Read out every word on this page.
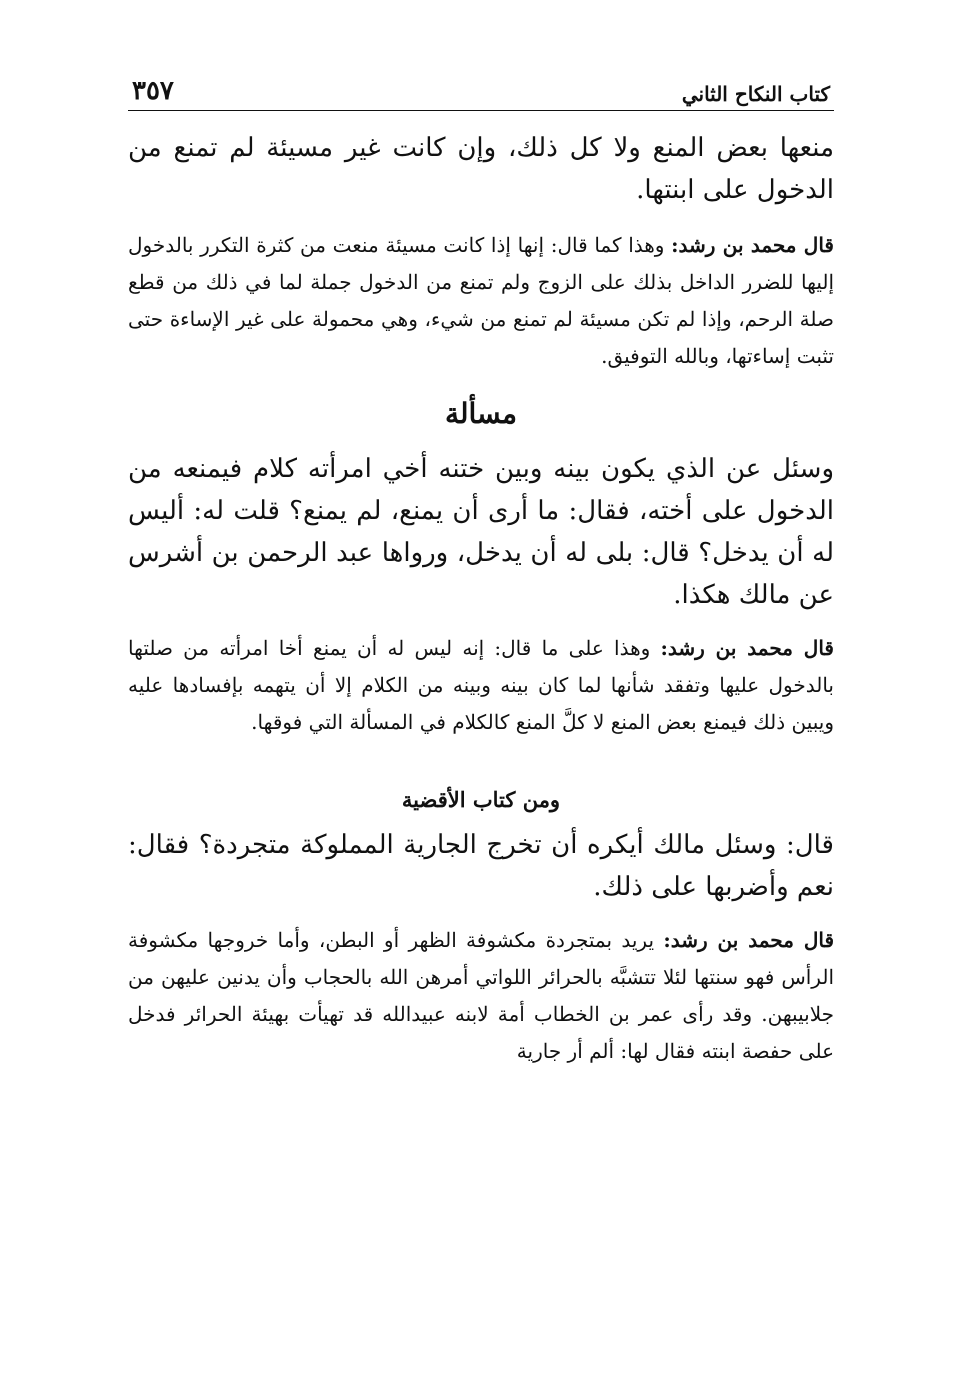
كتاب النكاح الثاني
٣٥٧

منعها بعض المنع ولا كل ذلك، وإن كانت غير مسيئة لم تمنع من الدخول على ابنتها.

قال محمد بن رشد: وهذا كما قال: إنها إذا كانت مسيئة منعت من كثرة التكرر بالدخول إليها للضرر الداخل بذلك على الزوج ولم تمنع من الدخول جملة لما في ذلك من قطع صلة الرحم، وإذا لم تكن مسيئة لم تمنع من شيء، وهي محمولة على غير الإساءة حتى تثبت إساءتها، وبالله التوفيق.

مسألة

وسئل عن الذي يكون بينه وبين ختنه أخي امرأته كلام فيمنعه من الدخول على أخته، فقال: ما أرى أن يمنع، لم يمنع؟ قلت له: أليس له أن يدخل؟ قال: بلى له أن يدخل، ورواها عبد الرحمن بن أشرس عن مالك هكذا.

قال محمد بن رشد: وهذا على ما قال: إنه ليس له أن يمنع أخا امرأته من صلتها بالدخول عليها وتفقد شأنها لما كان بينه وبينه من الكلام إلا أن يتهمه بإفسادها عليه ويبين ذلك فيمنع بعض المنع لا كلَّ المنع كالكلام في المسألة التي فوقها.

ومن كتاب الأقضية

قال: وسئل مالك أيكره أن تخرج الجارية المملوكة متجردة؟ فقال: نعم وأضربها على ذلك.

قال محمد بن رشد: يريد بمتجردة مكشوفة الظهر أو البطن، وأما خروجها مكشوفة الرأس فهو سنتها لئلا تتشبَّه بالحرائر اللواتي أمرهن الله بالحجاب وأن يدنين عليهن من جلابيبهن. وقد رأى عمر بن الخطاب أمة لابنه عبيدالله قد تهيأت بهيئة الحرائر فدخل على حفصة ابنته فقال لها: ألم أر جارية
